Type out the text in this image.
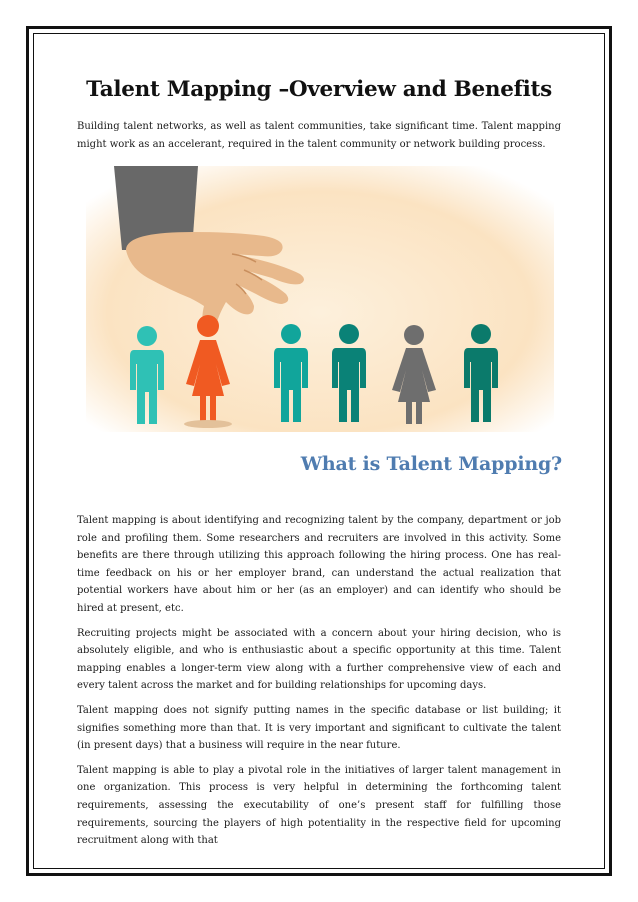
Talent Mapping –Overview and Benefits

Building talent networks, as well as talent communities, take significant time. Talent mapping might work as an accelerant, required in the talent community or network building process.

What is Talent Mapping?

Talent mapping is about identifying and recognizing talent by the company, department or job role and profiling them. Some researchers and recruiters are involved in this activity. Some benefits are there through utilizing this approach following the hiring process. One has real-time feedback on his or her employer brand, can understand the actual realization that potential workers have about him or her (as an employer) and can identify who should be hired at present, etc.

Recruiting projects might be associated with a concern about your hiring decision, who is absolutely eligible, and who is enthusiastic about a specific opportunity at this time. Talent mapping enables a longer-term view along with a further comprehensive view of each and every talent across the market and for building relationships for upcoming days.

Talent mapping does not signify putting names in the specific database or list building; it signifies something more than that. It is very important and significant to cultivate the talent (in present days) that a business will require in the near future.

Talent mapping is able to play a pivotal role in the initiatives of larger talent management in one organization. This process is very helpful in determining the forthcoming talent requirements, assessing the executability of one’s present staff for fulfilling those requirements, sourcing the players of high potentiality in the respective field for upcoming recruitment along with that
